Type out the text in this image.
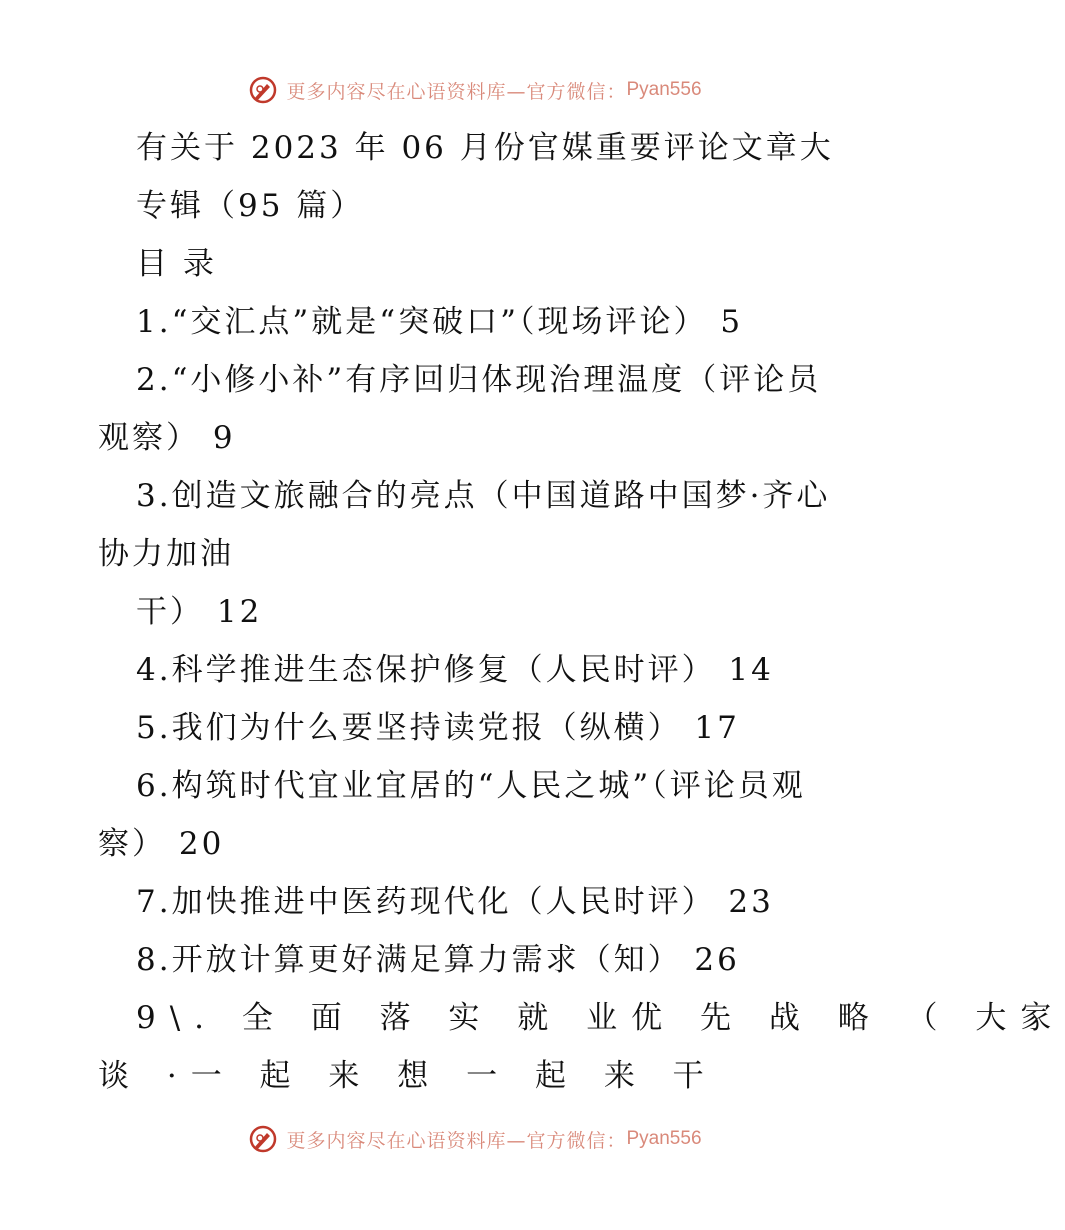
更多内容尽在心语资料库—官方微信： Pyan556
有关于 2023 年 06 月份官媒重要评论文章大
专辑（95 篇）
目 录
1.“交汇点”就是“突破口”（现场评论） 5
2.“小修小补”有序回归体现治理温度（评论员
观察） 9
3.创造文旅融合的亮点（中国道路中国梦·齐心
协力加油
干） 12
4.科学推进生态保护修复（人民时评） 14
5.我们为什么要坚持读党报（纵横） 17
6.构筑时代宜业宜居的“人民之城”（评论员观
察） 20
7.加快推进中医药现代化（人民时评） 23
8.开放计算更好满足算力需求（知） 26
9\. 全 面 落 实 就 业优 先 战 略 （ 大家
谈 ·一 起 来 想 一 起 来 干
更多内容尽在心语资料库—官方微信： Pyan556
